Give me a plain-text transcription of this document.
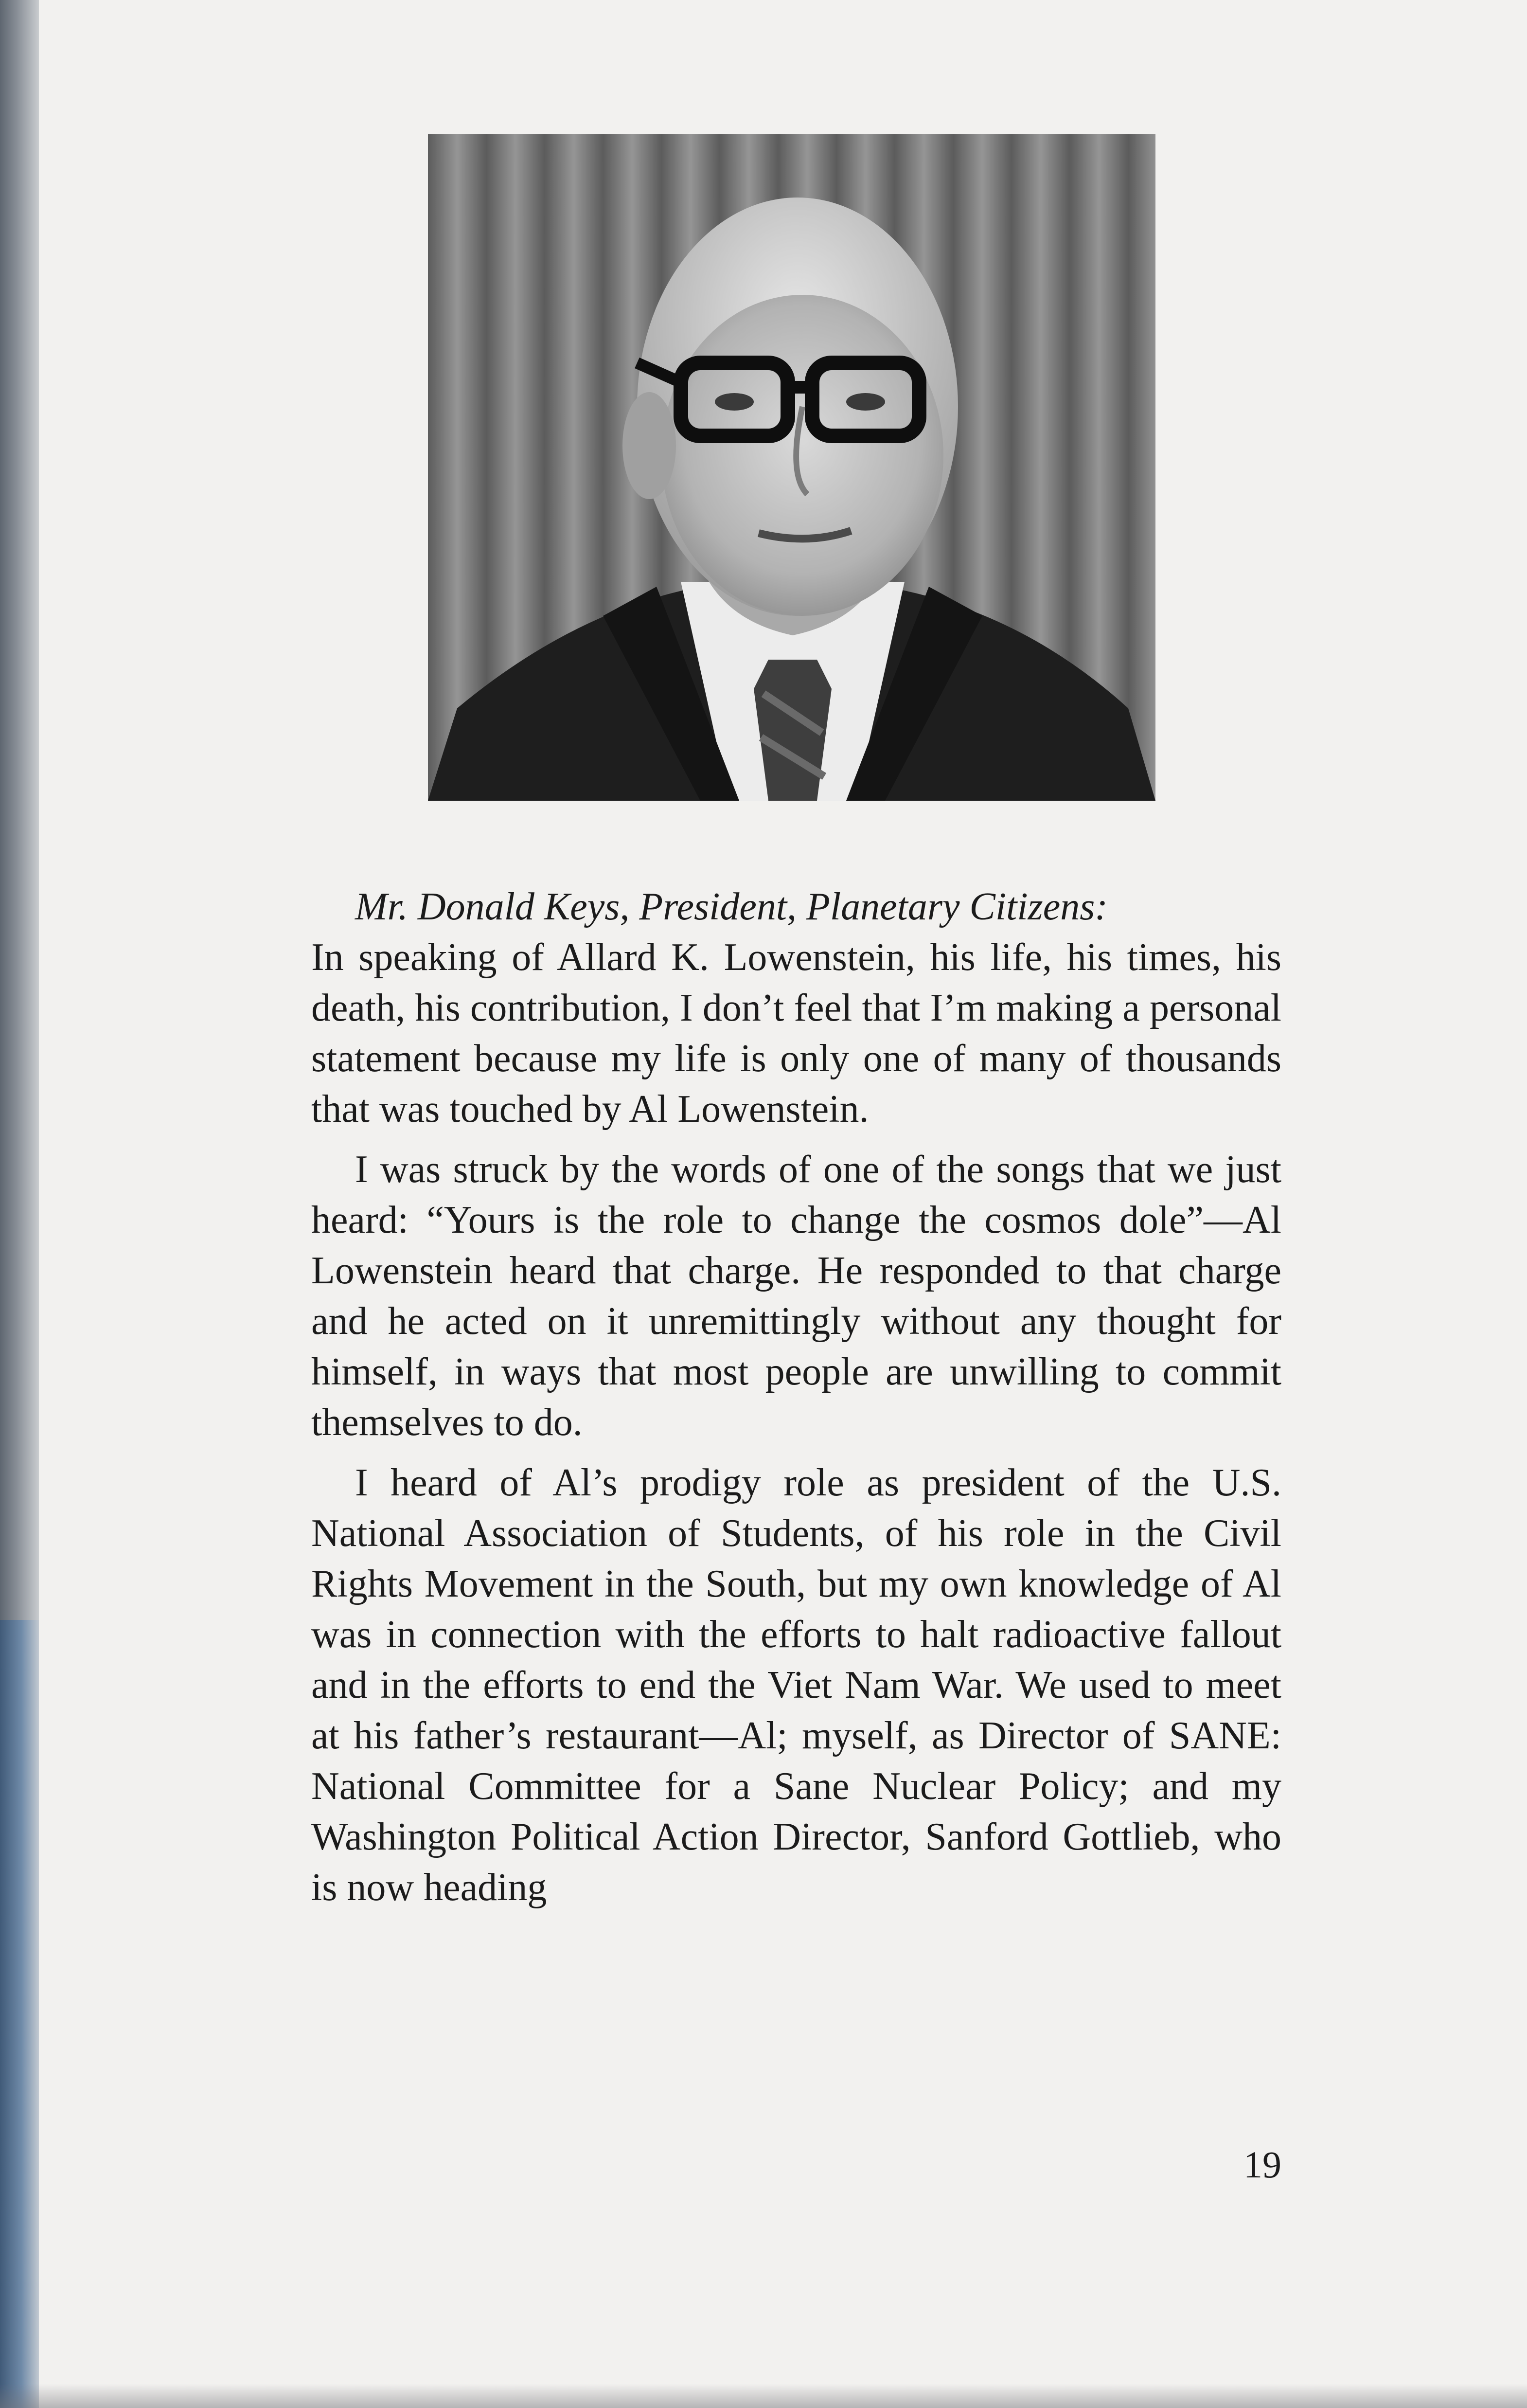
Mr. Donald Keys, President, Planetary Citizens:

In speaking of Allard K. Lowenstein, his life, his times, his death, his contribution, I don’t feel that I’m making a personal statement because my life is only one of many of thousands that was touched by Al Lowenstein.

I was struck by the words of one of the songs that we just heard: “Yours is the role to change the cosmos dole”—Al Lowenstein heard that charge. He responded to that charge and he acted on it unremittingly without any thought for himself, in ways that most people are unwilling to commit themselves to do.

I heard of Al’s prodigy role as president of the U.S. National Association of Students, of his role in the Civil Rights Movement in the South, but my own knowledge of Al was in connection with the efforts to halt radioactive fallout and in the efforts to end the Viet Nam War. We used to meet at his father’s restaurant—Al; myself, as Director of SANE: National Committee for a Sane Nuclear Policy; and my Washington Political Action Director, Sanford Gottlieb, who is now heading

19
